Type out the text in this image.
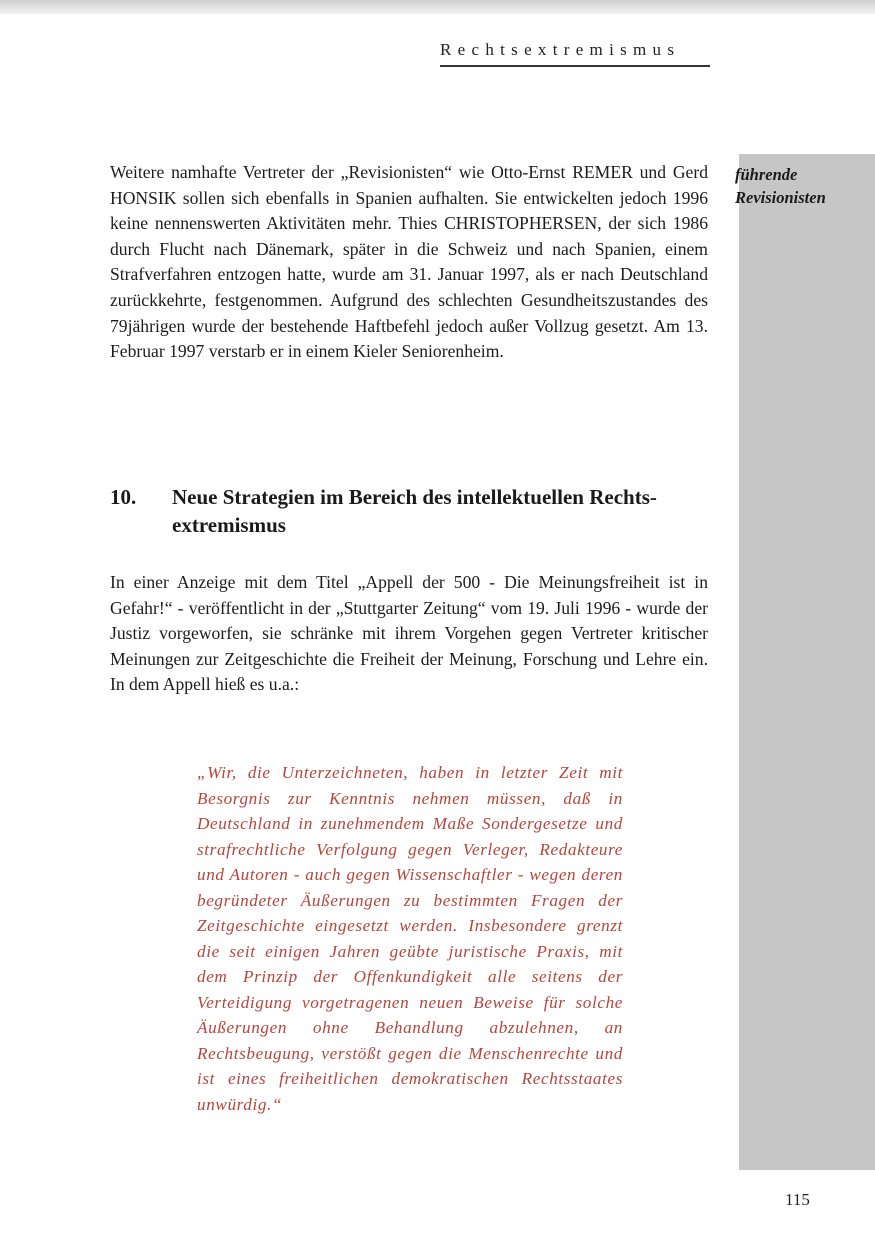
Rechtsextremismus
führende
Revisionisten

Weitere namhafte Vertreter der „Revisionisten“ wie Otto-Ernst REMER und Gerd HONSIK sollen sich ebenfalls in Spanien aufhalten. Sie entwickelten jedoch 1996 keine nennenswerten Aktivitäten mehr. Thies CHRISTOPHERSEN, der sich 1986 durch Flucht nach Dänemark, später in die Schweiz und nach Spanien, einem Strafverfahren entzogen hatte, wurde am 31. Januar 1997, als er nach Deutschland zurückkehrte, festgenommen. Aufgrund des schlechten Gesundheitszustandes des 79jährigen wurde der bestehende Haftbefehl jedoch außer Vollzug gesetzt. Am 13. Februar 1997 verstarb er in einem Kieler Seniorenheim.

10. Neue Strategien im Bereich des intellektuellen Rechtsextremismus

In einer Anzeige mit dem Titel „Appell der 500 - Die Meinungsfreiheit ist in Gefahr!“ - veröffentlicht in der „Stuttgarter Zeitung“ vom 19. Juli 1996 - wurde der Justiz vorgeworfen, sie schränke mit ihrem Vorgehen gegen Vertreter kritischer Meinungen zur Zeitgeschichte die Freiheit der Meinung, Forschung und Lehre ein. In dem Appell hieß es u.a.:

„Wir, die Unterzeichneten, haben in letzter Zeit mit Besorgnis zur Kenntnis nehmen müssen, daß in Deutschland in zunehmendem Maße Sondergesetze und strafrechtliche Verfolgung gegen Verleger, Redakteure und Autoren - auch gegen Wissenschaftler - wegen deren begründeter Äußerungen zu bestimmten Fragen der Zeitgeschichte eingesetzt werden. Insbesondere grenzt die seit einigen Jahren geübte juristische Praxis, mit dem Prinzip der Offenkundigkeit alle seitens der Verteidigung vorgetragenen neuen Beweise für solche Äußerungen ohne Behandlung abzulehnen, an Rechtsbeugung, verstößt gegen die Menschenrechte und ist eines freiheitlichen demokratischen Rechtsstaates unwürdig.“

115
